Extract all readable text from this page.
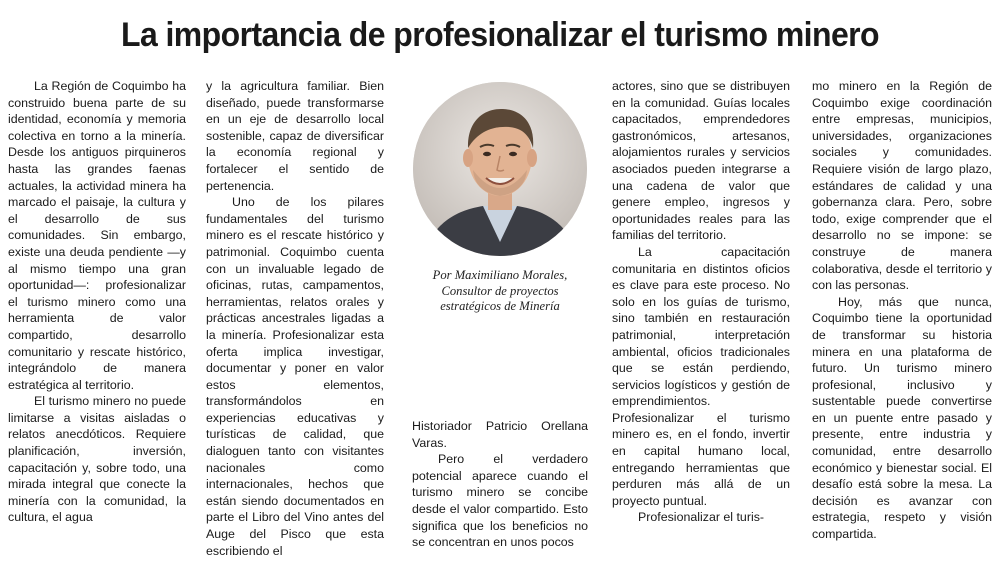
La importancia de profesionalizar el turismo minero

La Región de Coquimbo ha construido buena parte de su identidad, economía y memoria colectiva en torno a la minería. Desde los antiguos pirquineros hasta las grandes faenas actuales, la actividad minera ha marcado el paisaje, la cultura y el desarrollo de sus comunidades. Sin embargo, existe una deuda pendiente —y al mismo tiempo una gran oportunidad—: profesionalizar el turismo minero como una herramienta de valor compartido, desarrollo comunitario y rescate histórico, integrándolo de manera estratégica al territorio.

El turismo minero no puede limitarse a visitas aisladas o relatos anecdóticos. Requiere planificación, inversión, capacitación y, sobre todo, una mirada integral que conecte la minería con la comunidad, la cultura, el agua

y la agricultura familiar. Bien diseñado, puede transformarse en un eje de desarrollo local sostenible, capaz de diversificar la economía regional y fortalecer el sentido de pertenencia.

Uno de los pilares fundamentales del turismo minero es el rescate histórico y patrimonial. Coquimbo cuenta con un invaluable legado de oficinas, rutas, campamentos, herramientas, relatos orales y prácticas ancestrales ligadas a la minería. Profesionalizar esta oferta implica investigar, documentar y poner en valor estos elementos, transformándolos en experiencias educativas y turísticas de calidad, que dialoguen tanto con visitantes nacionales como internacionales, hechos que están siendo documentados en parte el Libro del Vino antes del Auge del Pisco que esta escribiendo el

Por Maximiliano Morales,
Consultor de proyectos
estratégicos de Minería

Historiador Patricio Orellana Varas.

Pero el verdadero potencial aparece cuando el turismo minero se concibe desde el valor compartido. Esto significa que los beneficios no se concentran en unos pocos

actores, sino que se distribuyen en la comunidad. Guías locales capacitados, emprendedores gastronómicos, artesanos, alojamientos rurales y servicios asociados pueden integrarse a una cadena de valor que genere empleo, ingresos y oportunidades reales para las familias del territorio.

La capacitación comunitaria en distintos oficios es clave para este proceso. No solo en los guías de turismo, sino también en restauración patrimonial, interpretación ambiental, oficios tradicionales que se están perdiendo, servicios logísticos y gestión de emprendimientos. Profesionalizar el turismo minero es, en el fondo, invertir en capital humano local, entregando herramientas que perduren más allá de un proyecto puntual.

Profesionalizar el turis-

mo minero en la Región de Coquimbo exige coordinación entre empresas, municipios, universidades, organizaciones sociales y comunidades. Requiere visión de largo plazo, estándares de calidad y una gobernanza clara. Pero, sobre todo, exige comprender que el desarrollo no se impone: se construye de manera colaborativa, desde el territorio y con las personas.

Hoy, más que nunca, Coquimbo tiene la oportunidad de transformar su historia minera en una plataforma de futuro. Un turismo minero profesional, inclusivo y sustentable puede convertirse en un puente entre pasado y presente, entre industria y comunidad, entre desarrollo económico y bienestar social. El desafío está sobre la mesa. La decisión es avanzar con estrategia, respeto y visión compartida.
